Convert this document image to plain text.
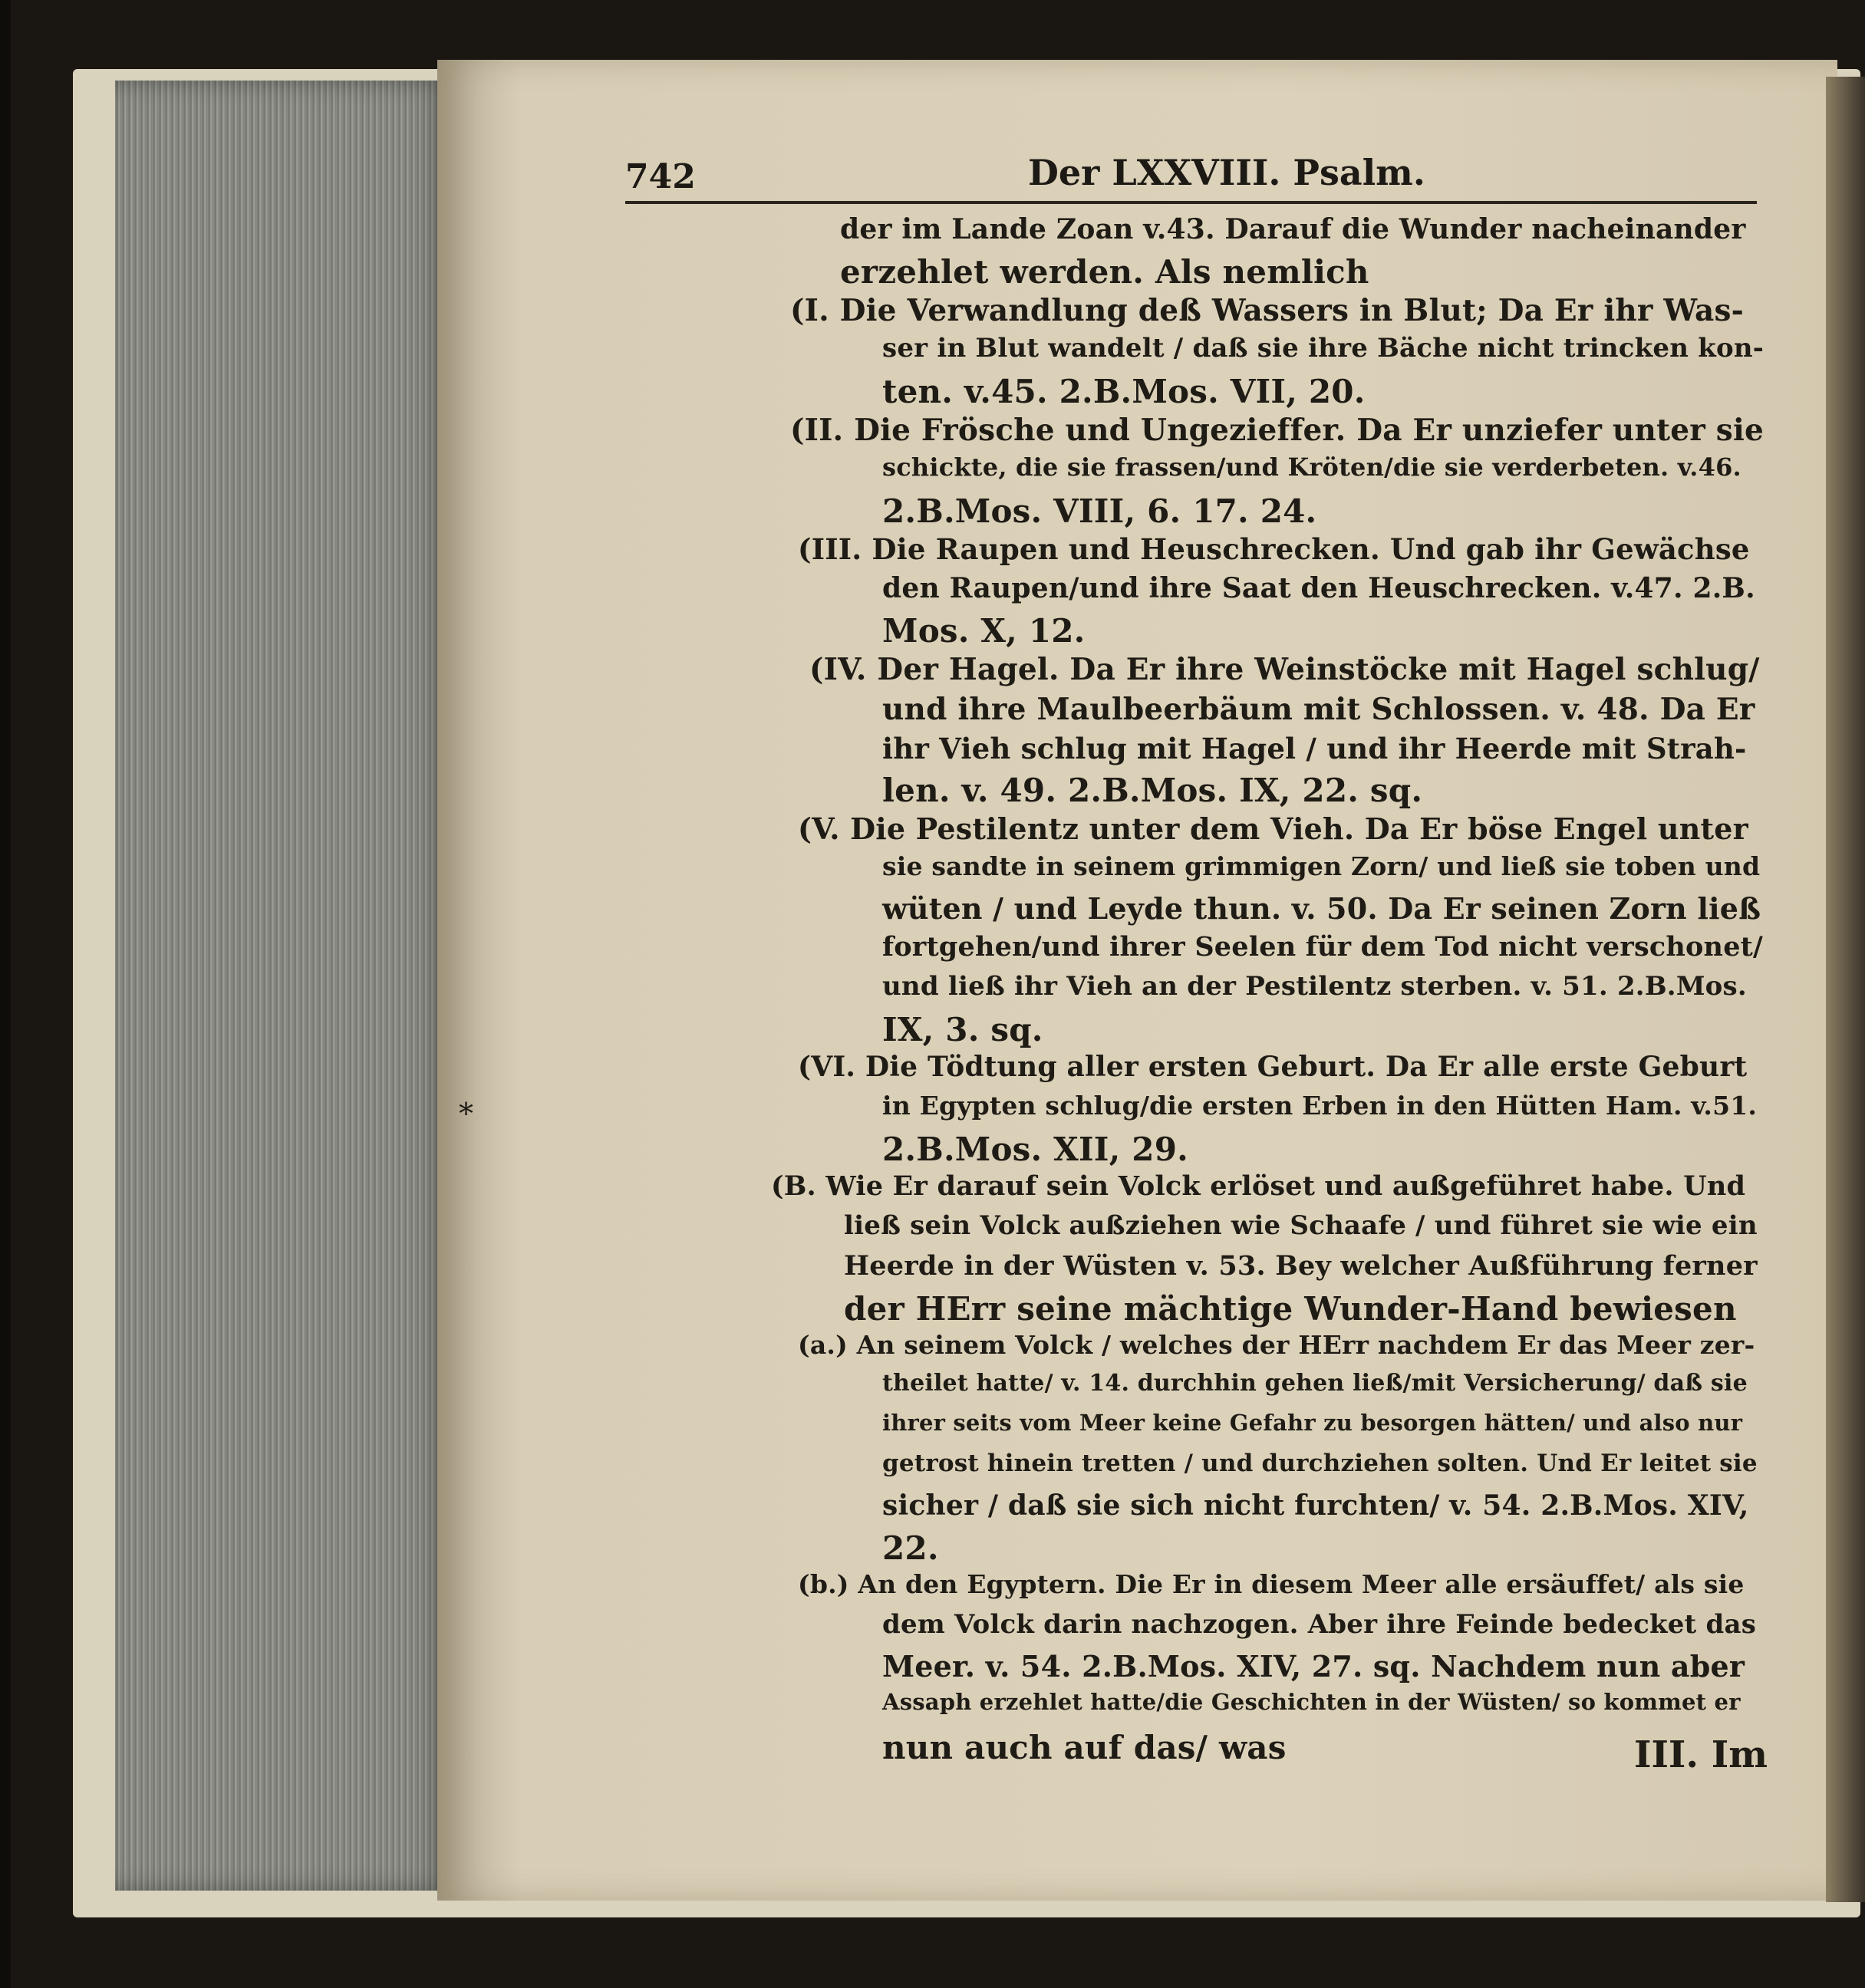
742	Der LXXVIII. Psalm.
der im Lande Zoan v.43. Darauf die Wunder nacheinander
erzehlet werden. Als nemlich
(I. Die Verwandlung deß Wassers in Blut; Da Er ihr Was-
ser in Blut wandelt / daß sie ihre Bäche nicht trincken kon-
ten. v.45. 2.B.Mos. VII, 20.
(II. Die Frösche und Ungezieffer. Da Er unziefer unter sie
schickte, die sie frassen/und Kröten/die sie verderbeten. v.46.
2.B.Mos. VIII, 6. 17. 24.
(III. Die Raupen und Heuschrecken. Und gab ihr Gewächse
den Raupen/und ihre Saat den Heuschrecken. v.47. 2.B.
Mos. X, 12.
(IV. Der Hagel. Da Er ihre Weinstöcke mit Hagel schlug/
und ihre Maulbeerbäum mit Schlossen. v. 48. Da Er
ihr Vieh schlug mit Hagel / und ihr Heerde mit Strah-
len. v. 49. 2.B.Mos. IX, 22. sq.
(V. Die Pestilentz unter dem Vieh. Da Er böse Engel unter
sie sandte in seinem grimmigen Zorn/ und ließ sie toben und
wüten / und Leyde thun. v. 50. Da Er seinen Zorn ließ
fortgehen/und ihrer Seelen für dem Tod nicht verschonet/
und ließ ihr Vieh an der Pestilentz sterben. v. 51. 2.B.Mos.
IX, 3. sq.
(VI. Die Tödtung aller ersten Geburt. Da Er alle erste Geburt
in Egypten schlug/die ersten Erben in den Hütten Ham. v.51.
2.B.Mos. XII, 29.
(B. Wie Er darauf sein Volck erlöset und außgeführet habe. Und
ließ sein Volck außziehen wie Schaafe / und führet sie wie ein
Heerde in der Wüsten v. 53. Bey welcher Außführung ferner
der HErr seine mächtige Wunder-Hand bewiesen
(a.) An seinem Volck / welches der HErr nachdem Er das Meer zer-
theilet hatte/ v. 14. durchhin gehen ließ/mit Versicherung/ daß sie
ihrer seits vom Meer keine Gefahr zu besorgen hätten/ und also nur
getrost hinein tretten / und durchziehen solten. Und Er leitet sie
sicher / daß sie sich nicht furchten/ v. 54. 2.B.Mos. XIV,
22.
(b.) An den Egyptern. Die Er in diesem Meer alle ersäuffet/ als sie
dem Volck darin nachzogen. Aber ihre Feinde bedecket das
Meer. v. 54. 2.B.Mos. XIV, 27. sq. Nachdem nun aber
Assaph erzehlet hatte/die Geschichten in der Wüsten/ so kommet er
nun auch auf das/ was
*
III. Im
